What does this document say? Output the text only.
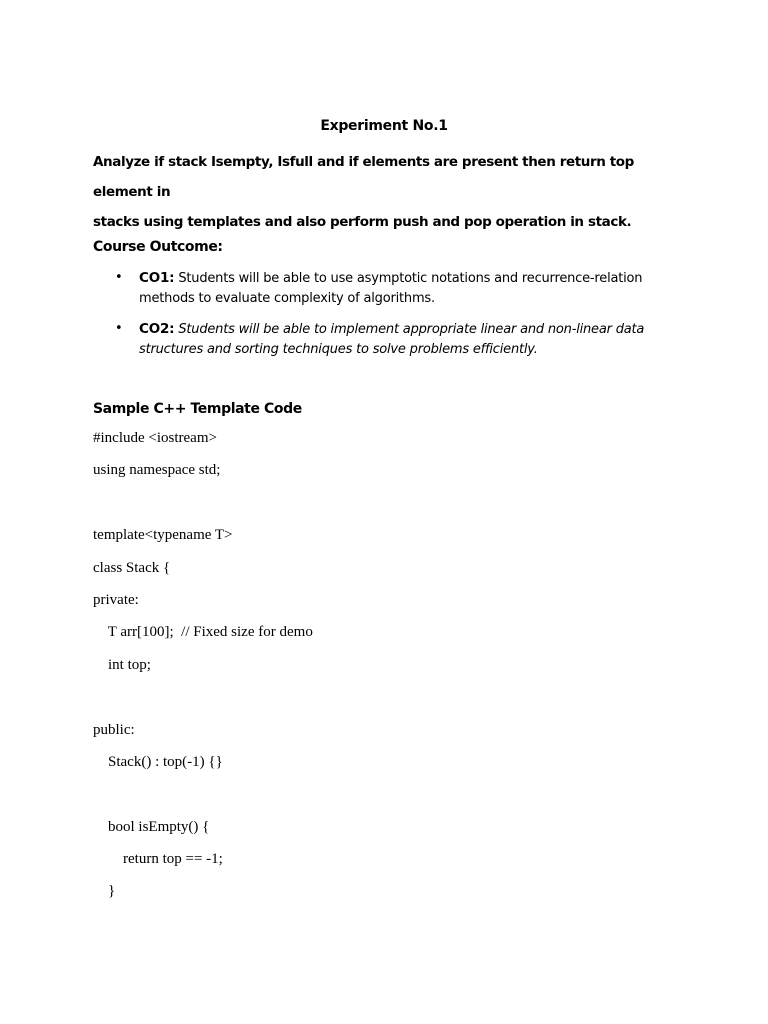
Experiment No.1
Analyze if stack Isempty, Isfull and if elements are present then return top element in
stacks using templates and also perform push and pop operation in stack.
Course Outcome:
• CO1: Students will be able to use asymptotic notations and recurrence-relation methods to evaluate complexity of algorithms.
• CO2: Students will be able to implement appropriate linear and non-linear data structures and sorting techniques to solve problems efficiently.
Sample C++ Template Code
#include <iostream>
using namespace std;
template<typename T>
class Stack {
private:
T arr[100];  // Fixed size for demo
int top;
public:
Stack() : top(-1) {}
bool isEmpty() {
return top == -1;
}
